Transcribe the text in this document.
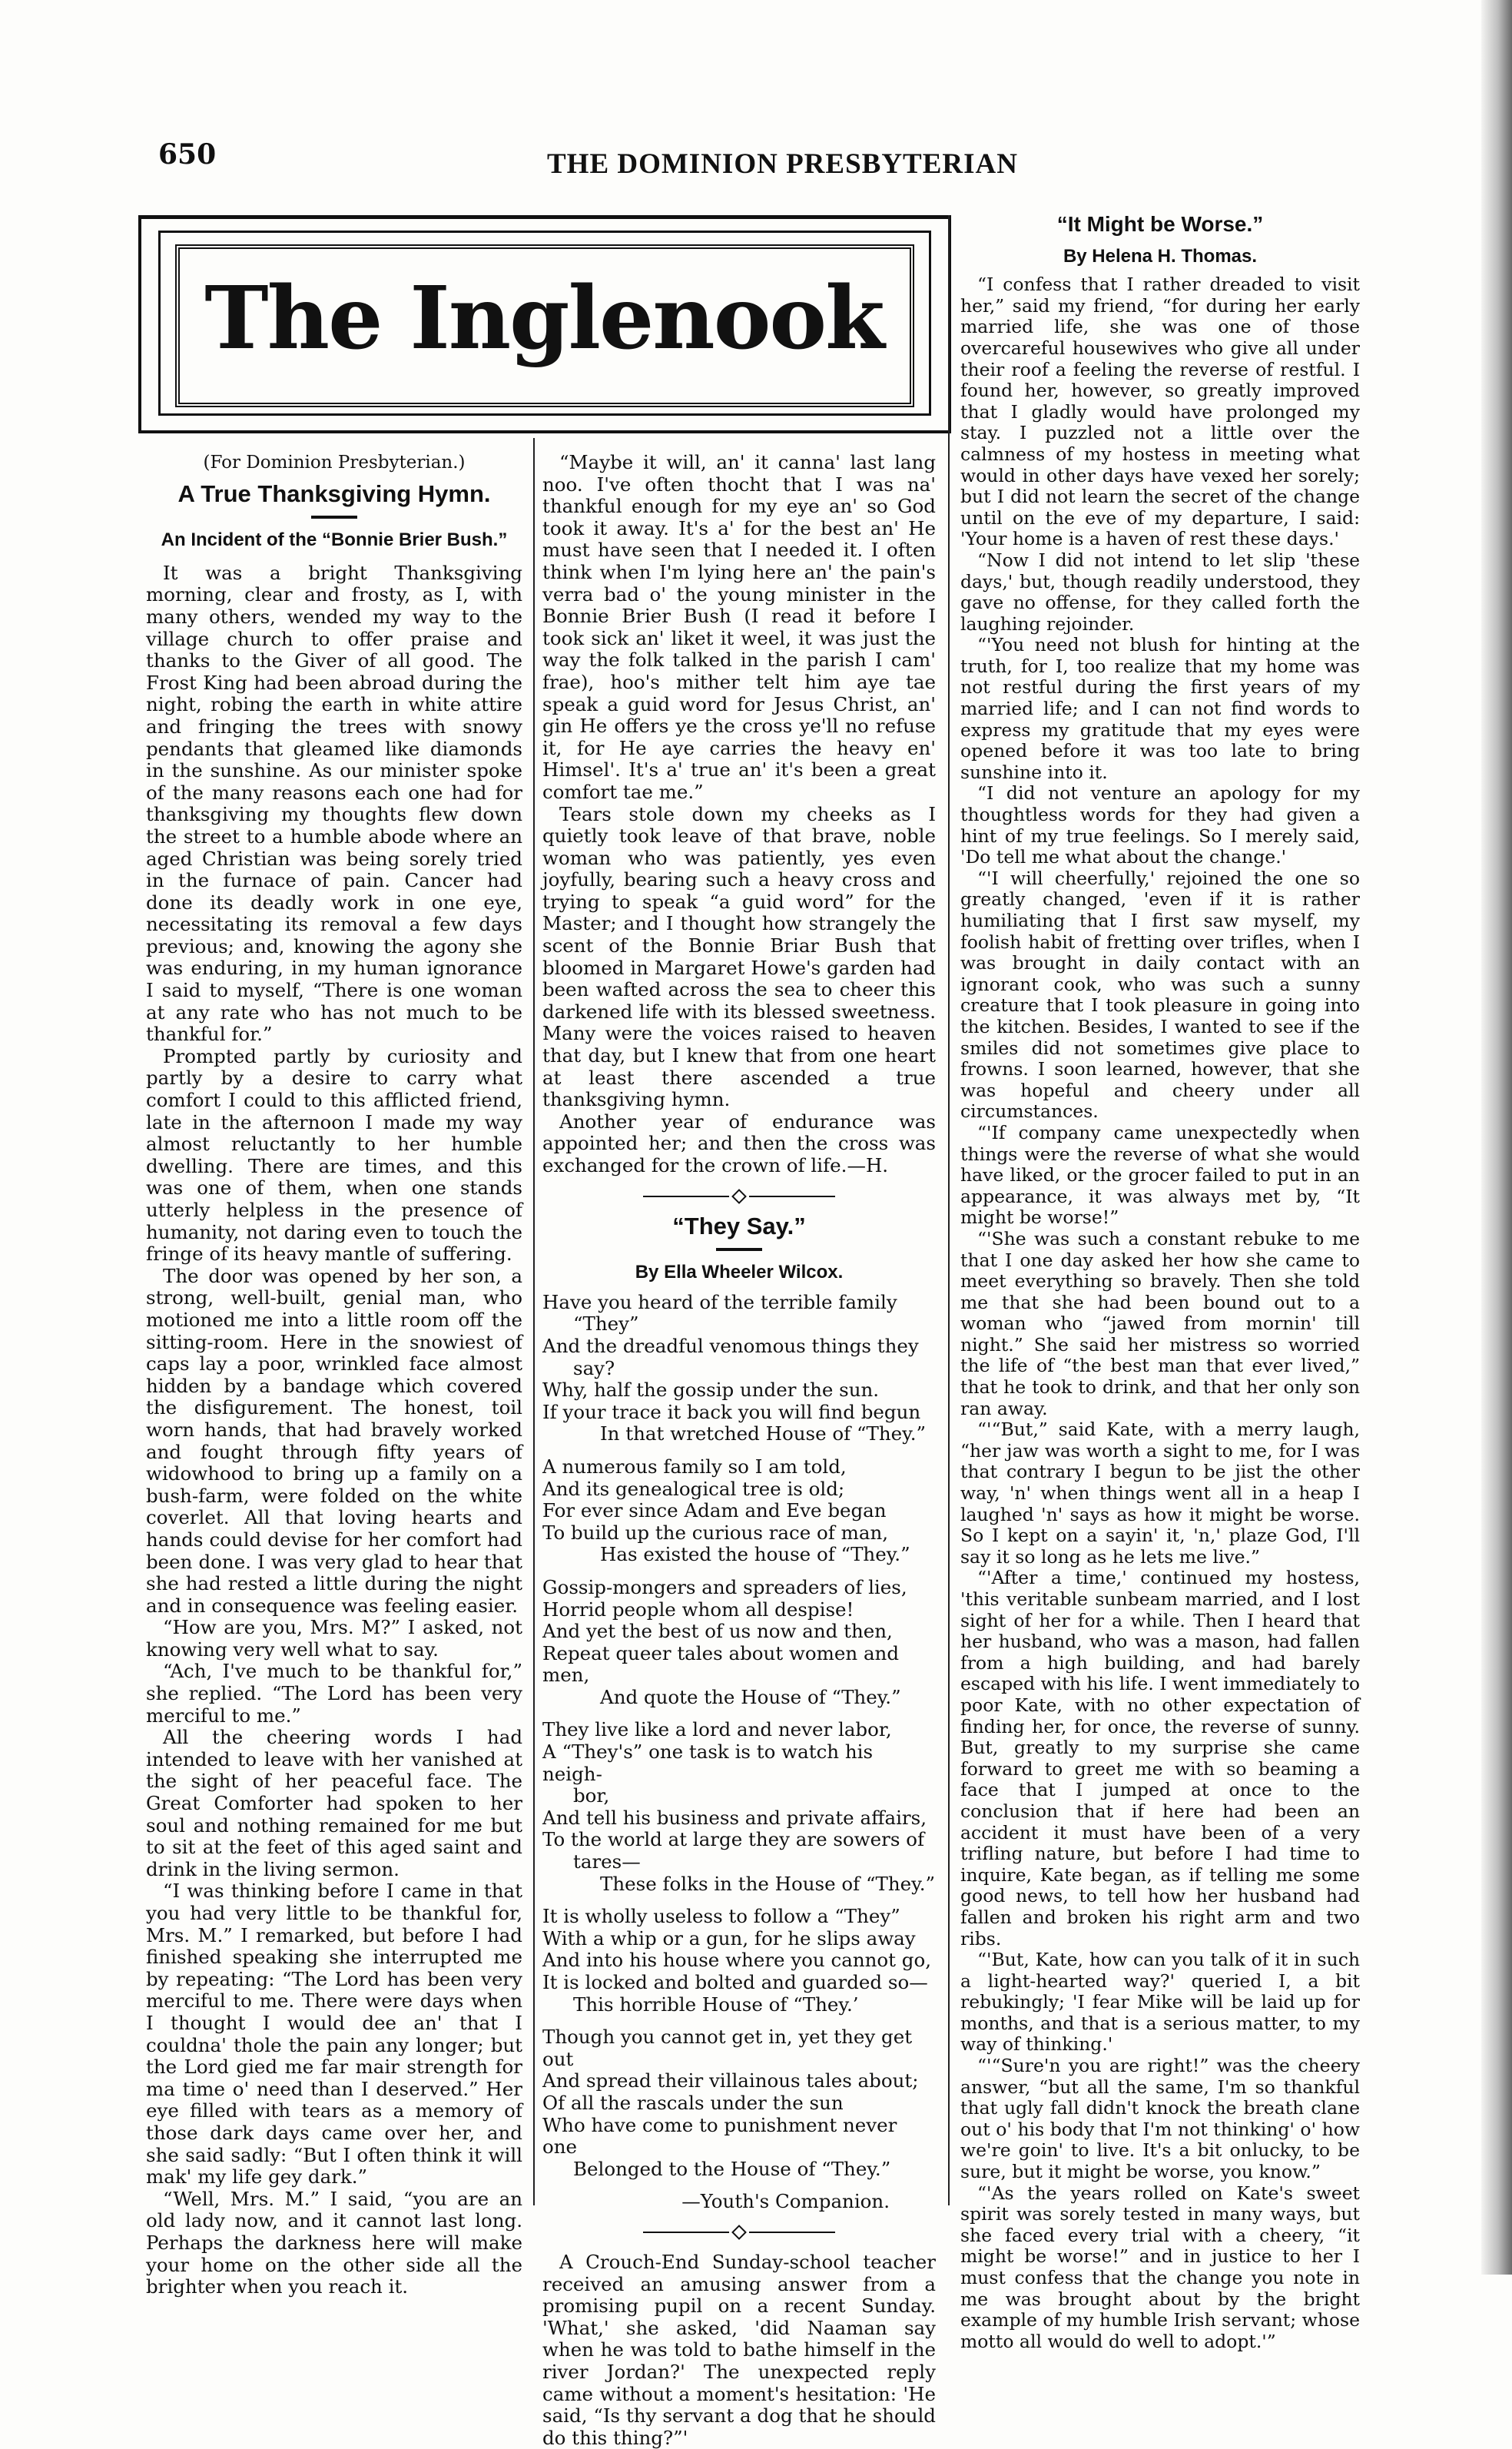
650	THE DOMINION PRESBYTERIAN
The Inglenook
(For Dominion Presbyterian.)
A True Thanksgiving Hymn.
An Incident of the “Bonnie Brier Bush.”

It was a bright Thanksgiving morning, clear and frosty, as I, with many others, wended my way to the village church to offer praise and thanks to the Giver of all good. The Frost King had been abroad during the night, robing the earth in white attire and fringing the trees with snowy pendants that gleamed like diamonds in the sunshine. As our minister spoke of the many reasons each one had for thanksgiving my thoughts flew down the street to a humble abode where an aged Christian was being sorely tried in the furnace of pain. Cancer had done its deadly work in one eye, necessitating its removal a few days previous; and, knowing the agony she was enduring, in my human ignorance I said to myself, “There is one woman at any rate who has not much to be thankful for.”

Prompted partly by curiosity and partly by a desire to carry what comfort I could to this afflicted friend, late in the afternoon I made my way almost reluctantly to her humble dwelling. There are times, and this was one of them, when one stands utterly helpless in the presence of humanity, not daring even to touch the fringe of its heavy mantle of suffering.

The door was opened by her son, a strong, well-built, genial man, who motioned me into a little room off the sitting-room. Here in the snowiest of caps lay a poor, wrinkled face almost hidden by a bandage which covered the disfigurement. The honest, toil worn hands, that had bravely worked and fought through fifty years of widowhood to bring up a family on a bush-farm, were folded on the white coverlet. All that loving hearts and hands could devise for her comfort had been done. I was very glad to hear that she had rested a little during the night and in consequence was feeling easier.

“How are you, Mrs. M?” I asked, not knowing very well what to say.

“Ach, I've much to be thankful for,” she replied. “The Lord has been very merciful to me.”

All the cheering words I had intended to leave with her vanished at the sight of her peaceful face. The Great Comforter had spoken to her soul and nothing remained for me but to sit at the feet of this aged saint and drink in the living sermon.

“I was thinking before I came in that you had very little to be thankful for, Mrs. M.” I remarked, but before I had finished speaking she interrupted me by repeating: “The Lord has been very merciful to me. There were days when I thought I would dee an' that I couldna' thole the pain any longer; but the Lord gied me far mair strength for ma time o' need than I deserved.” Her eye filled with tears as a memory of those dark days came over her, and she said sadly: “But I often think it will mak' my life gey dark.”

“Well, Mrs. M.” I said, “you are an old lady now, and it cannot last long. Perhaps the darkness here will make your home on the other side all the brighter when you reach it.

“Maybe it will, an' it canna' last lang noo. I've often thocht that I was na' thankful enough for my eye an' so God took it away. It's a' for the best an' He must have seen that I needed it. I often think when I'm lying here an' the pain's verra bad o' the young minister in the Bonnie Brier Bush (I read it before I took sick an' liket it weel, it was just the way the folk talked in the parish I cam' frae), hoo's mither telt him aye tae speak a guid word for Jesus Christ, an' gin He offers ye the cross ye'll no refuse it, for He aye carries the heavy en' Himsel'. It's a' true an' it's been a great comfort tae me.”

Tears stole down my cheeks as I quietly took leave of that brave, noble woman who was patiently, yes even joyfully, bearing such a heavy cross and trying to speak “a guid word” for the Master; and I thought how strangely the scent of the Bonnie Briar Bush that bloomed in Margaret Howe's garden had been wafted across the sea to cheer this darkened life with its blessed sweetness. Many were the voices raised to heaven that day, but I knew that from one heart at least there ascended a true thanksgiving hymn.

Another year of endurance was appointed her; and then the cross was exchanged for the crown of life.—H.

“They Say.”
By Ella Wheeler Wilcox.
Have you heard of the terrible family
“They”
And the dreadful venomous things they
say?
Why, half the gossip under the sun.
If your trace it back you will find begun
In that wretched House of “They.”
A numerous family so I am told,
And its genealogical tree is old;
For ever since Adam and Eve began
To build up the curious race of man,
Has existed the house of “They.”
Gossip-mongers and spreaders of lies,
Horrid people whom all despise!
And yet the best of us now and then,
Repeat queer tales about women and men,
And quote the House of “They.”
They live like a lord and never labor,
A “They's” one task is to watch his neigh-
bor,
And tell his business and private affairs,
To the world at large they are sowers of
tares—
These folks in the House of “They.”
It is wholly useless to follow a “They”
With a whip or a gun, for he slips away
And into his house where you cannot go,
It is locked and bolted and guarded so—
This horrible House of “They.’
Though you cannot get in, yet they get out
And spread their villainous tales about;
Of all the rascals under the sun
Who have come to punishment never one
Belonged to the House of “They.”
—Youth's Companion.

A Crouch-End Sunday-school teacher received an amusing answer from a promising pupil on a recent Sunday. 'What,' she asked, 'did Naaman say when he was told to bathe himself in the river Jordan?' The unexpected reply came without a moment's hesitation: 'He said, “Is thy servant a dog that he should do this thing?”'

“It Might be Worse.”
By Helena H. Thomas.

“I confess that I rather dreaded to visit her,” said my friend, “for during her early married life, she was one of those overcareful housewives who give all under their roof a feeling the reverse of restful. I found her, however, so greatly improved that I gladly would have prolonged my stay. I puzzled not a little over the calmness of my hostess in meeting what would in other days have vexed her sorely; but I did not learn the secret of the change until on the eve of my departure, I said: 'Your home is a haven of rest these days.'

“Now I did not intend to let slip 'these days,' but, though readily understood, they gave no offense, for they called forth the laughing rejoinder.

“'You need not blush for hinting at the truth, for I, too realize that my home was not restful during the first years of my married life; and I can not find words to express my gratitude that my eyes were opened before it was too late to bring sunshine into it.

“I did not venture an apology for my thoughtless words for they had given a hint of my true feelings. So I merely said, 'Do tell me what about the change.'

“'I will cheerfully,' rejoined the one so greatly changed, 'even if it is rather humiliating that I first saw myself, my foolish habit of fretting over trifles, when I was brought in daily contact with an ignorant cook, who was such a sunny creature that I took pleasure in going into the kitchen. Besides, I wanted to see if the smiles did not sometimes give place to frowns. I soon learned, however, that she was hopeful and cheery under all circumstances.

“'If company came unexpectedly when things were the reverse of what she would have liked, or the grocer failed to put in an appearance, it was always met by, “It might be worse!”

“'She was such a constant rebuke to me that I one day asked her how she came to meet everything so bravely. Then she told me that she had been bound out to a woman who “jawed from mornin' till night.” She said her mistress so worried the life of “the best man that ever lived,” that he took to drink, and that her only son ran away.

“'“But,” said Kate, with a merry laugh, “her jaw was worth a sight to me, for I was that contrary I begun to be jist the other way, 'n' when things went all in a heap I laughed 'n' says as how it might be worse. So I kept on a sayin' it, 'n,' plaze God, I'll say it so long as he lets me live.”

“'After a time,' continued my hostess, 'this veritable sunbeam married, and I lost sight of her for a while. Then I heard that her husband, who was a mason, had fallen from a high building, and had barely escaped with his life. I went immediately to poor Kate, with no other expectation of finding her, for once, the reverse of sunny. But, greatly to my surprise she came forward to greet me with so beaming a face that I jumped at once to the conclusion that if here had been an accident it must have been of a very trifling nature, but before I had time to inquire, Kate began, as if telling me some good news, to tell how her husband had fallen and broken his right arm and two ribs.

“'But, Kate, how can you talk of it in such a light-hearted way?' queried I, a bit rebukingly; 'I fear Mike will be laid up for months, and that is a serious matter, to my way of thinking.'

“'“Sure'n you are right!” was the cheery answer, “but all the same, I'm so thankful that ugly fall didn't knock the breath clane out o' his body that I'm not thinking' o' how we're goin' to live. It's a bit onlucky, to be sure, but it might be worse, you know.”

“'As the years rolled on Kate's sweet spirit was sorely tested in many ways, but she faced every trial with a cheery, “it might be worse!” and in justice to her I must confess that the change you note in me was brought about by the bright example of my humble Irish servant; whose motto all would do well to adopt.'”
